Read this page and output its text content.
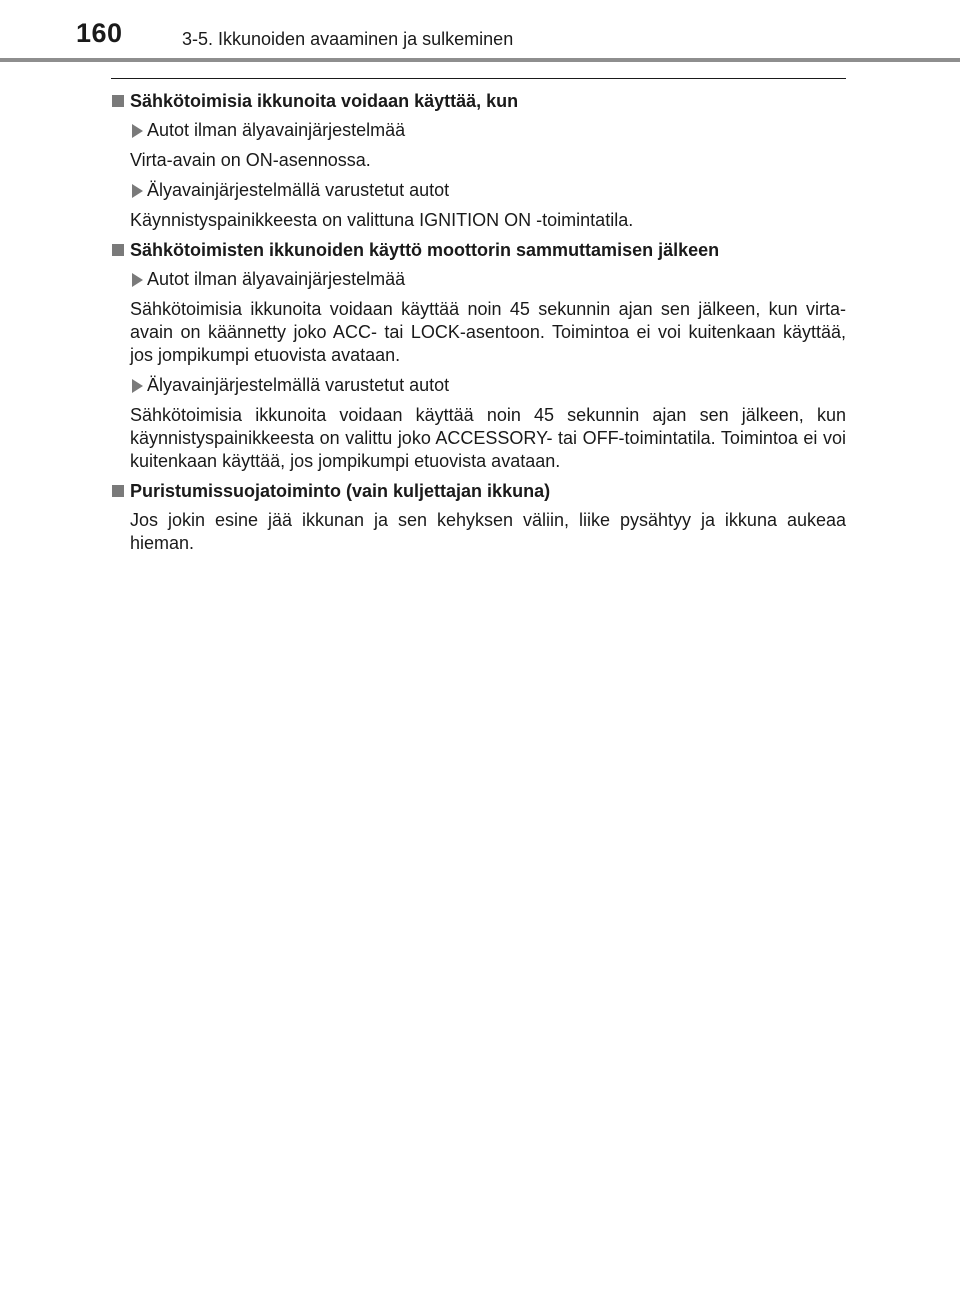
160	3-5. Ikkunoiden avaaminen ja sulkeminen
Sähkötoimisia ikkunoita voidaan käyttää, kun
Autot ilman älyavainjärjestelmää
Virta-avain on ON-asennossa.
Älyavainjärjestelmällä varustetut autot
Käynnistyspainikkeesta on valittuna IGNITION ON -toimintatila.
Sähkötoimisten ikkunoiden käyttö moottorin sammuttamisen jälkeen
Autot ilman älyavainjärjestelmää
Sähkötoimisia ikkunoita voidaan käyttää noin 45 sekunnin ajan sen jälkeen, kun virta-avain on käännetty joko ACC- tai LOCK-asentoon. Toimintoa ei voi kuitenkaan käyttää, jos jompikumpi etuovista avataan.
Älyavainjärjestelmällä varustetut autot
Sähkötoimisia ikkunoita voidaan käyttää noin 45 sekunnin ajan sen jälkeen, kun käynnistyspainikkeesta on valittu joko ACCESSORY- tai OFF-toimintatila. Toimintoa ei voi kuitenkaan käyttää, jos jompikumpi etuovista avataan.
Puristumissuojatoiminto (vain kuljettajan ikkuna)
Jos jokin esine jää ikkunan ja sen kehyksen väliin, liike pysähtyy ja ikkuna aukeaa hieman.
